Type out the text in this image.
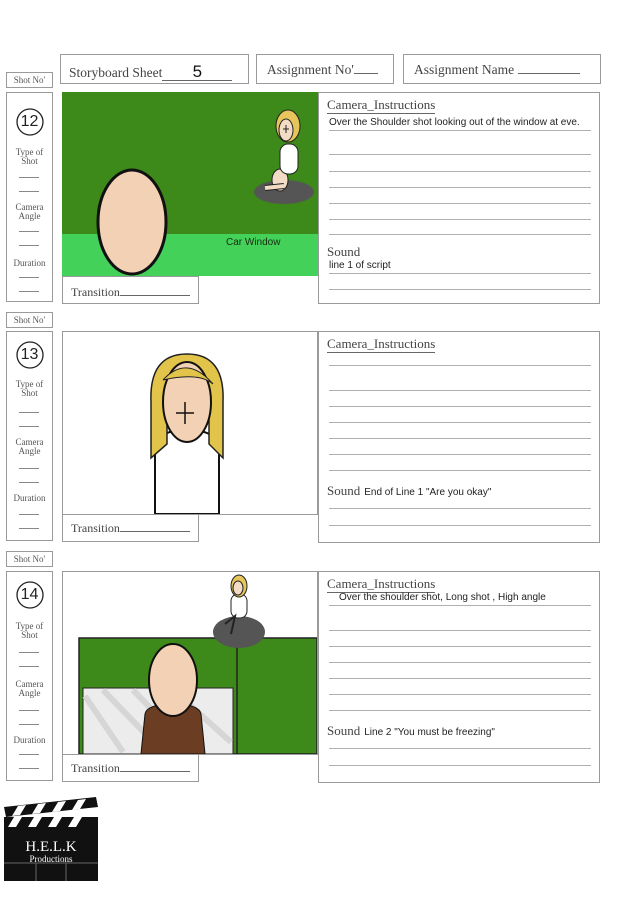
Storyboard Sheet 5	Assignment No'	Assignment Name
Shot No'
12
Type of Shot
Camera Angle
Duration
Car Window
Transition
Camera_Instructions
Over the Shoulder shot looking out of the window at eve.
Sound
line 1 of script
Shot No'
13
Type of Shot
Camera Angle
Duration
Transition
Camera_Instructions
Sound End of Line 1 "Are you okay"
Shot No'
14
Type of Shot
Camera Angle
Duration
Transition
Camera_Instructions
Over the shoulder shot, Long shot , High angle
Sound Line 2 "You must be freezing"
H.E.L.K
Productions
